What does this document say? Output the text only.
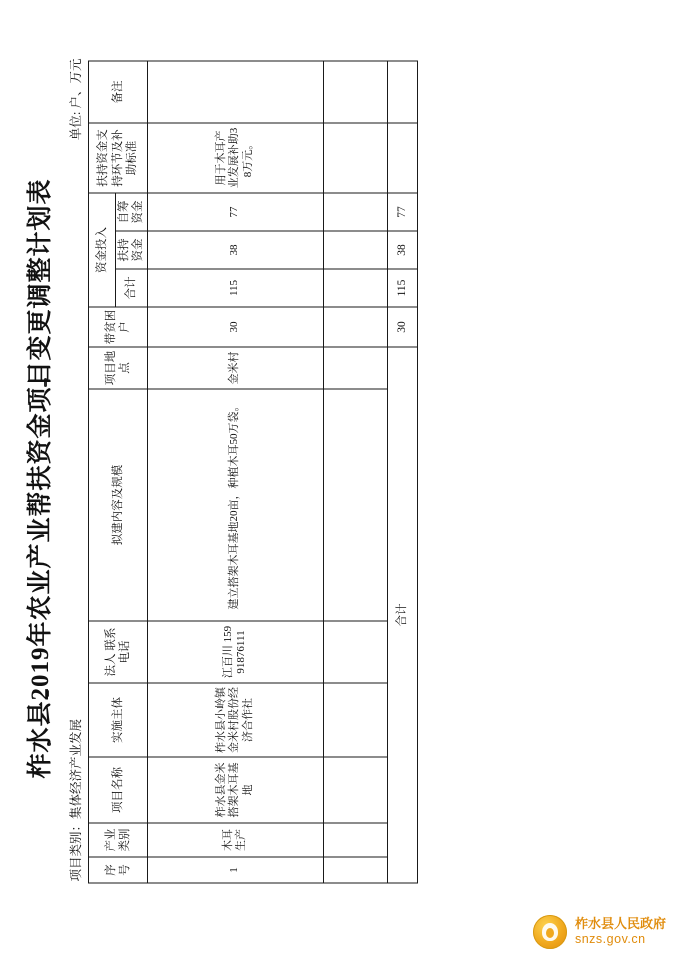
柞水县2019年农业产业帮扶资金项目变更调整计划表
项目类别：集体经济产业发展
单位: 户、万元
序号	产业类别	项目名称	实施主体	法人 联系电话	拟建内容及规模	项目地点	带贫困户	资金投入			扶持资金支持环节及补助标准	备注
								合计	扶持资金	自筹资金		
1	木耳生产	柞水县金米搭架木耳基地	柞水县小岭镇金米村股份经济合作社	江百川 15991876111	建立搭架木耳基地20亩，种植木耳50万袋。	金米村	30	115	38	77	用于木耳产业发展补助38万元。	

合计							30	115	38	77		
柞水县人民政府
snzs.gov.cn
